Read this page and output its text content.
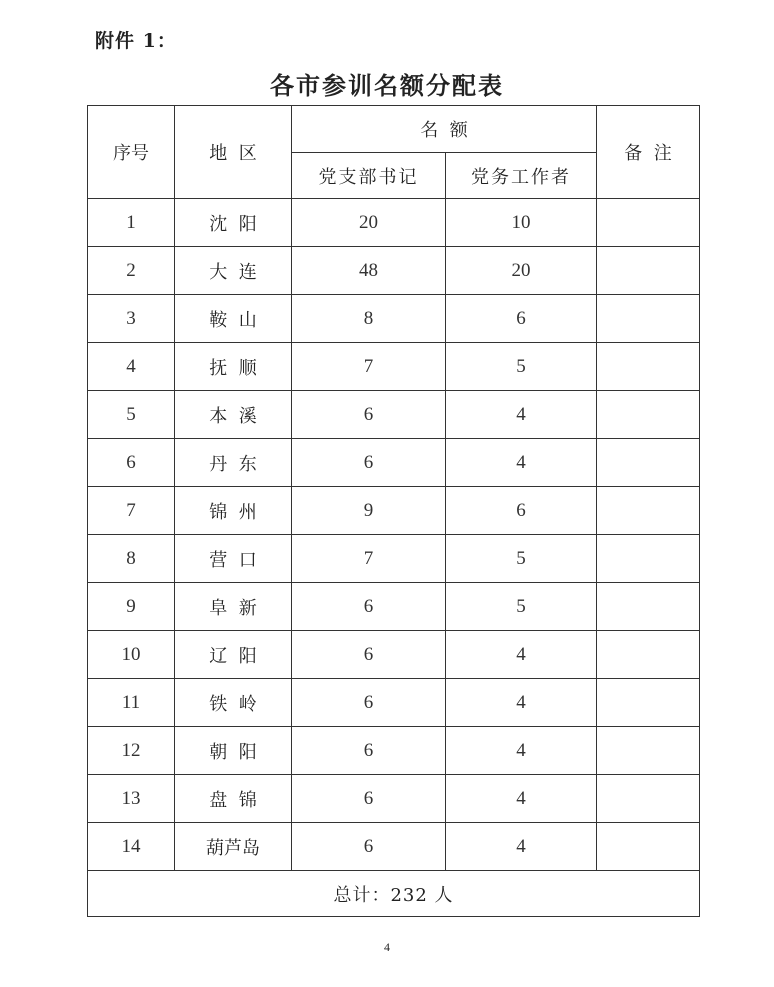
附件 1：
各市参训名额分配表
序号	地  区	名  额		备  注
		党支部书记	党务工作者	
1	沈  阳	20	10	
2	大  连	48	20	
3	鞍  山	8	6	
4	抚  顺	7	5	
5	本  溪	6	4	
6	丹  东	6	4	
7	锦  州	9	6	
8	营  口	7	5	
9	阜  新	6	5	
10	辽  阳	6	4	
11	铁  岭	6	4	
12	朝  阳	6	4	
13	盘  锦	6	4	
14	葫芦岛	6	4	
总计：232 人				
4
